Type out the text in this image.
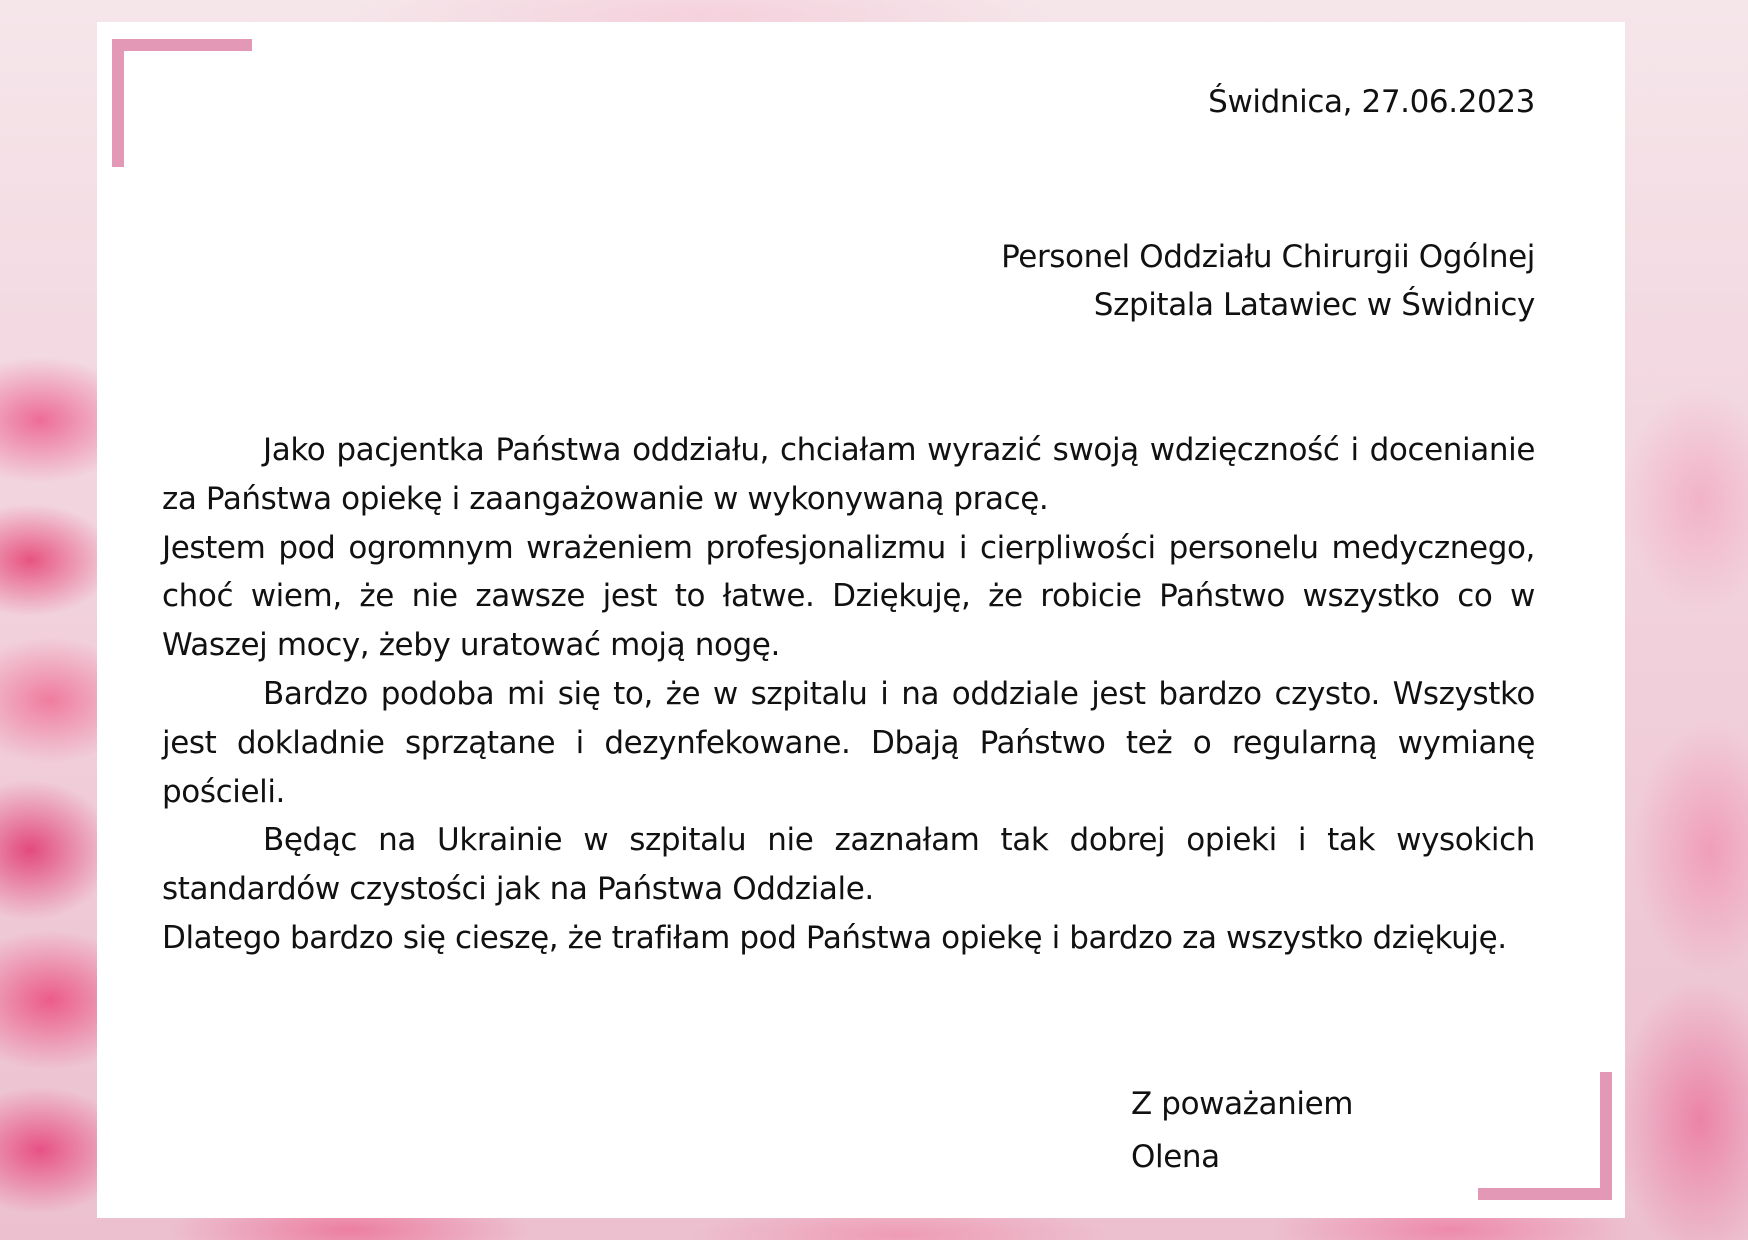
Świdnica, 27.06.2023
Personel Oddziału Chirurgii Ogólnej
Szpitala Latawiec w Świdnicy

Jako pacjentka Państwa oddziału, chciałam wyrazić swoją wdzięczność i docenianie za Państwa opiekę i zaangażowanie w wykonywaną pracę.

Jestem pod ogromnym wrażeniem profesjonalizmu i cierpliwości personelu medycznego, choć wiem, że nie zawsze jest to łatwe. Dziękuję, że robicie Państwo wszystko co w Waszej mocy, żeby uratować moją nogę.

Bardzo podoba mi się to, że w szpitalu i na oddziale jest bardzo czysto. Wszystko jest dokladnie sprzątane i dezynfekowane. Dbają Państwo też o regularną wymianę pościeli.

Będąc na Ukrainie w szpitalu nie zaznałam tak dobrej opieki i tak wysokich standardów czystości jak na Państwa Oddziale.

Dlatego bardzo się cieszę, że trafiłam pod Państwa opiekę i bardzo za wszystko dziękuję.

Z poważaniem
Olena
